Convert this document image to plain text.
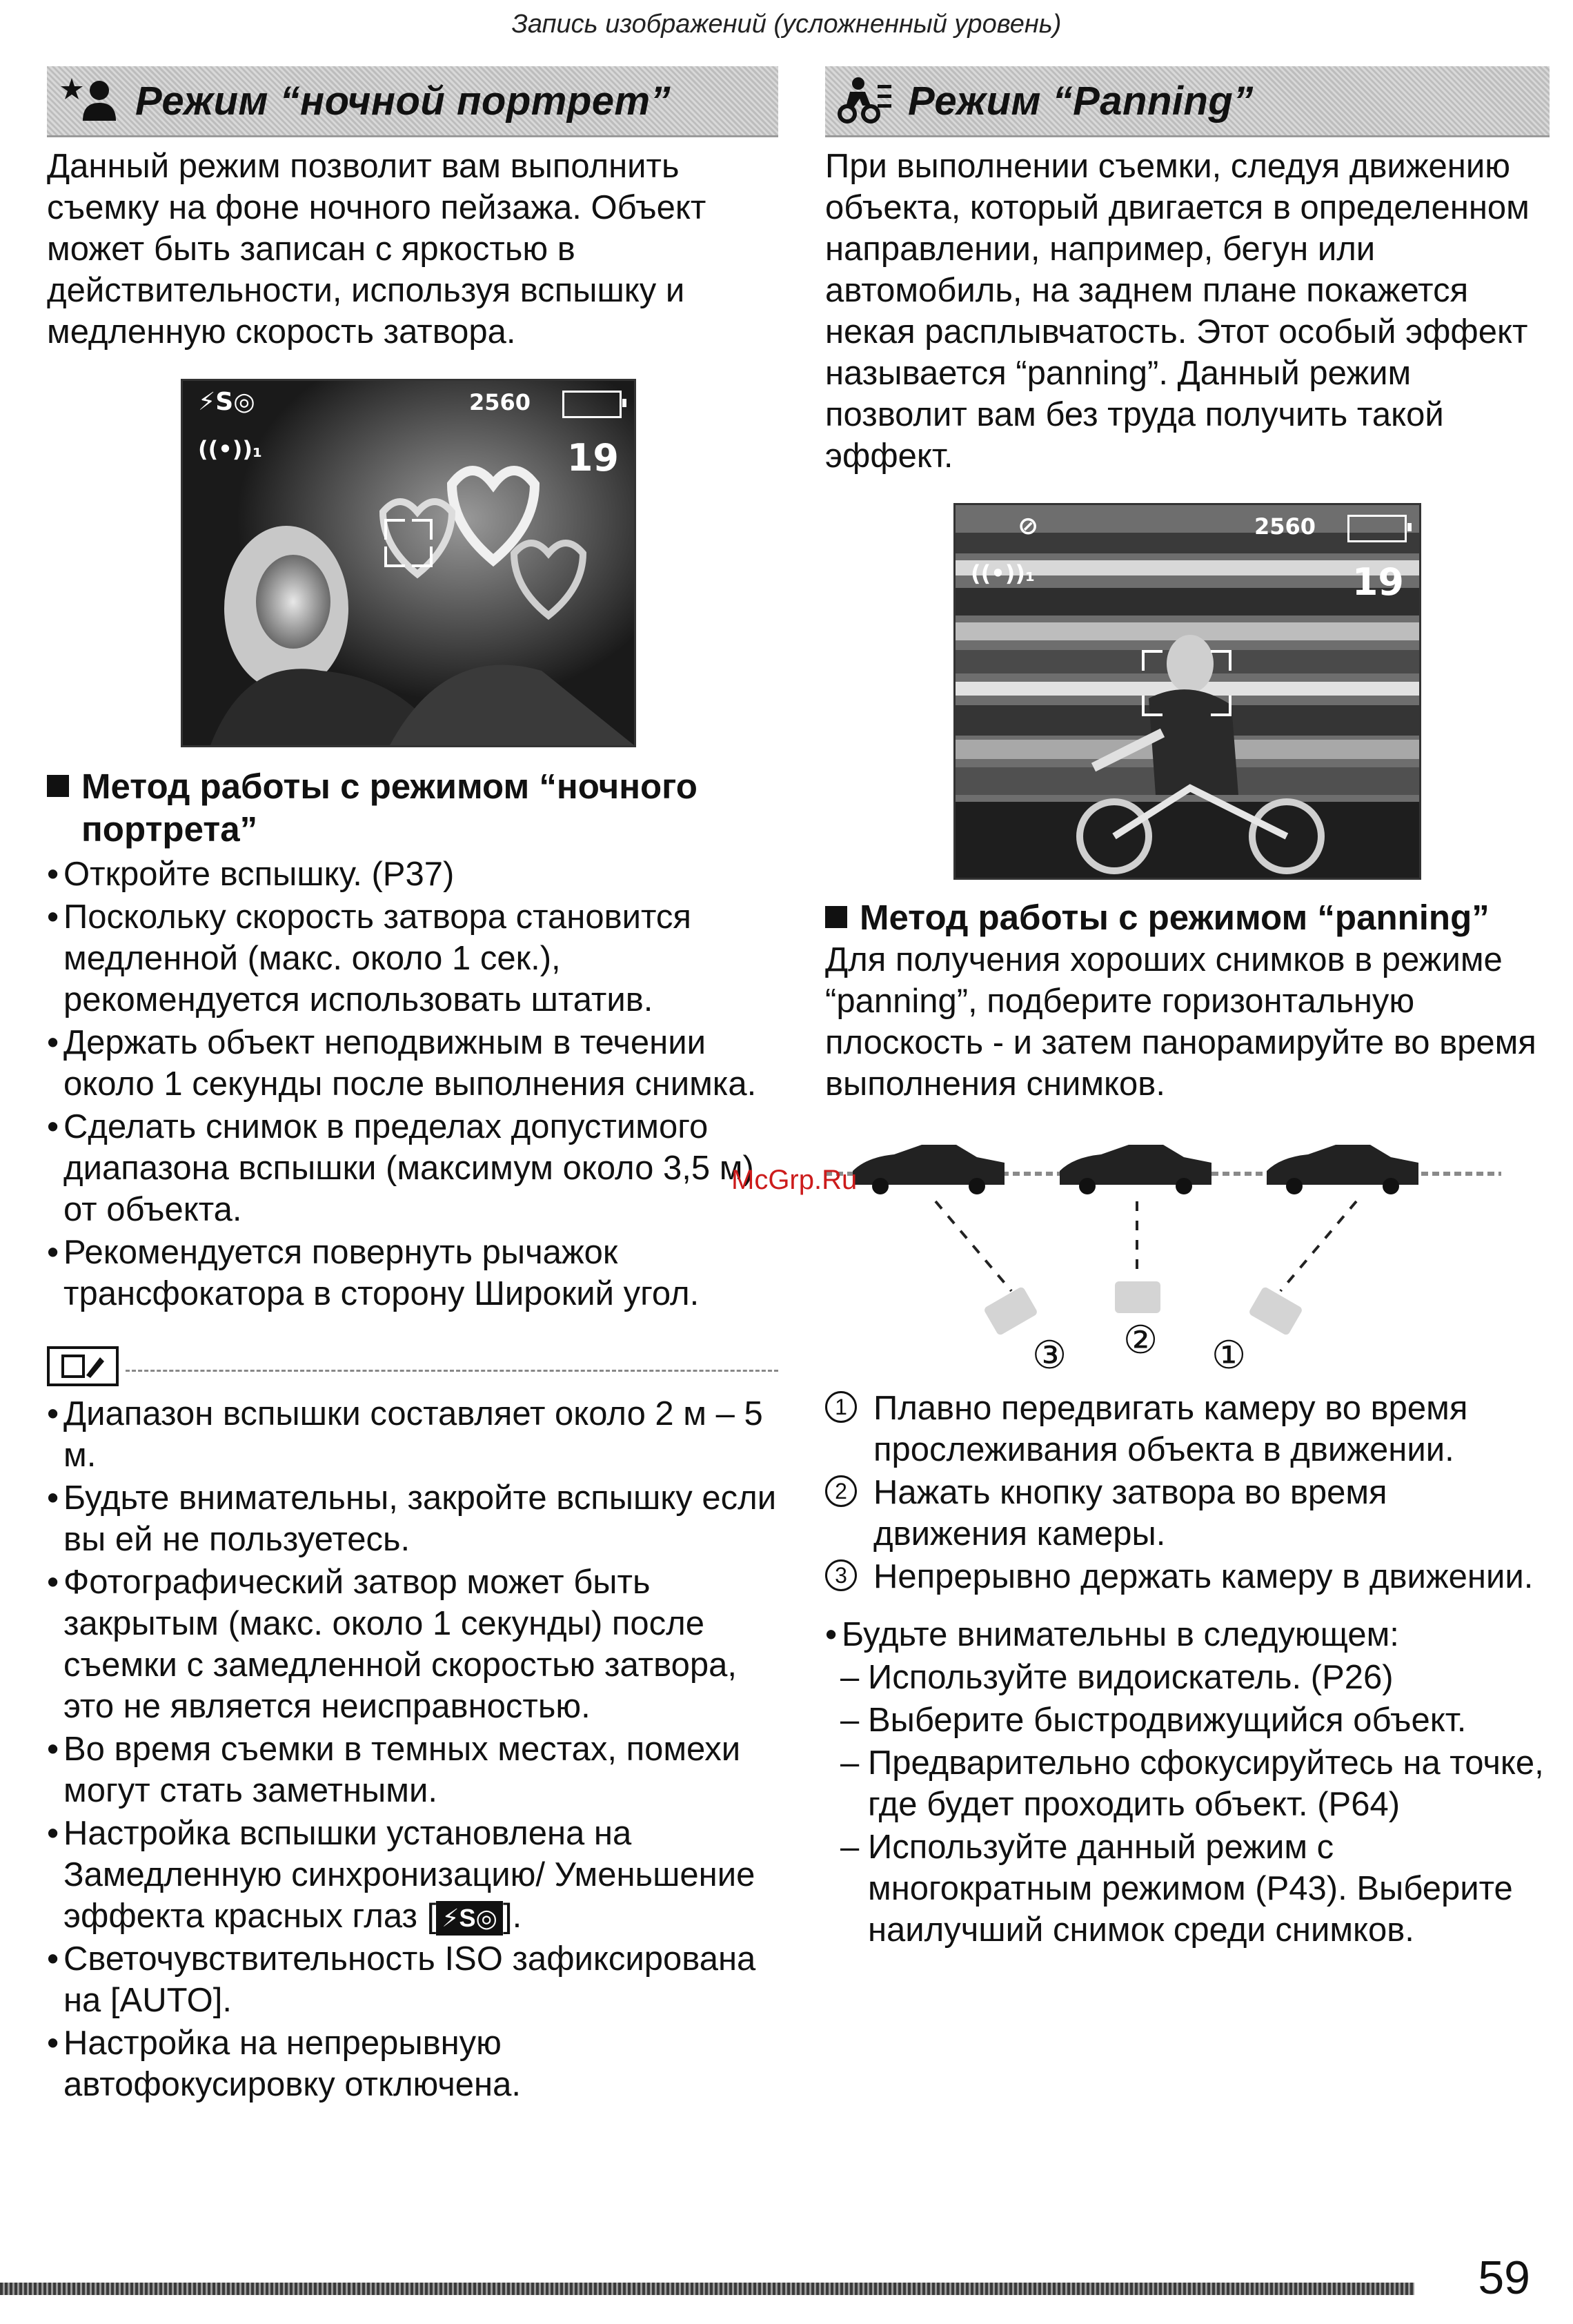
Запись изображений (усложненный уровень)
Режим “ночной портрет”

Данный режим позволит вам выполнить съемку на фоне ночного пейзажа. Объект может быть записан с яркостью в действительности, используя вспышку и медленную скорость затвора.

⚡S◎	2560
((•))₁	19
Метод работы с режимом “ночного портрета”
• Откройте вспышку. (P37)
• Поскольку скорость затвора становится медленной (макс. около 1 сек.), рекомендуется использовать штатив.
• Держать объект неподвижным в течении около 1 секунды после выполнения снимка.
• Сделать снимок в пределах допустимого диапазона вспышки (максимум около 3,5 м) от объекта.
• Рекомендуется повернуть рычажок трансфокатора в сторону Широкий угол.
• Диапазон вспышки составляет около 2 м – 5 м.
• Будьте внимательны, закройте вспышку если вы ей не пользуетесь.
• Фотографический затвор может быть закрытым (макс. около 1 секунды) после съемки с замедленной скоростью затвора, это не является неисправностью.
• Во время съемки в темных местах, помехи могут стать заметными.
• Настройка вспышки установлена на Замедленную синхронизацию/ Уменьшение эффекта красных глаз [ ⚡S◎ ].
• Светочувствительность ISO зафиксирована на [AUTO].
• Настройка на непрерывную автофокусировку отключена.
Режим “Panning”

При выполнении съемки, следуя движению объекта, который двигается в определенном направлении, например, бегун или автомобиль, на заднем плане покажется некая расплывчатость. Этот особый эффект называется “panning”. Данный режим позволит вам без труда получить такой эффект.

⊘	2560
((•))₁	19
Метод работы с режимом “panning”

Для получения хороших снимков в режиме “panning”, подберите горизонтальную плоскость - и затем панорамируйте во время выполнения снимков.

③ ② ①
1 Плавно передвигать камеру во время прослеживания объекта в движении.
2 Нажать кнопку затвора во время движения камеры.
3 Непрерывно держать камеру в движении.
• Будьте внимательны в следующем:
– Используйте видоискатель. (P26)
– Выберите быстродвижущийся объект.
– Предварительно сфокусируйтесь на точке, где будет проходить объект. (P64)
– Используйте данный режим с многократным режимом (P43). Выберите наилучший снимок среди снимков.
McGrp.Ru
59
